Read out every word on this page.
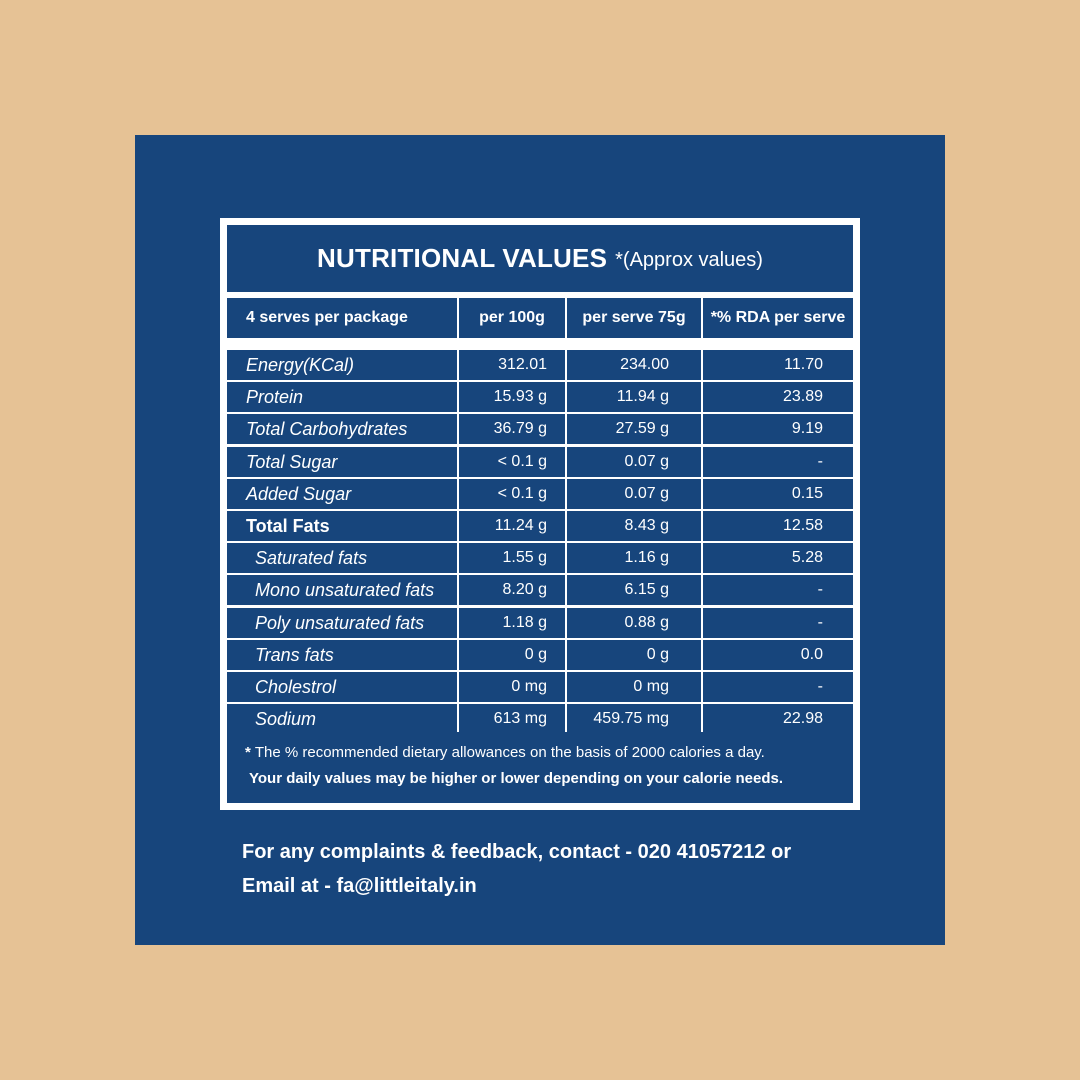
NUTRITIONAL VALUES *(Approx values)
4 serves per package	per 100g	per serve 75g	*% RDA per serve
* The % recommended dietary allowances on the basis of 2000 calories a day.
Your daily values may be higher or lower depending on your calorie needs.
Energy(KCal)	312.01	234.00	11.70
Protein	15.93 g	11.94 g	23.89
Total Carbohydrates	36.79 g	27.59 g	9.19
Total Sugar	< 0.1 g	0.07 g	-
Added Sugar	< 0.1 g	0.07 g	0.15
Total Fats	11.24 g	8.43 g	12.58
Saturated fats	1.55 g	1.16 g	5.28
Mono unsaturated fats	8.20 g	6.15 g	-
Poly unsaturated fats	1.18 g	0.88 g	-
Trans fats	0 g	0 g	0.0
Cholestrol	0 mg	0 mg	-
Sodium	613 mg	459.75 mg	22.98
For any complaints & feedback, contact - 020 41057212 or
Email at - fa@littleitaly.in
